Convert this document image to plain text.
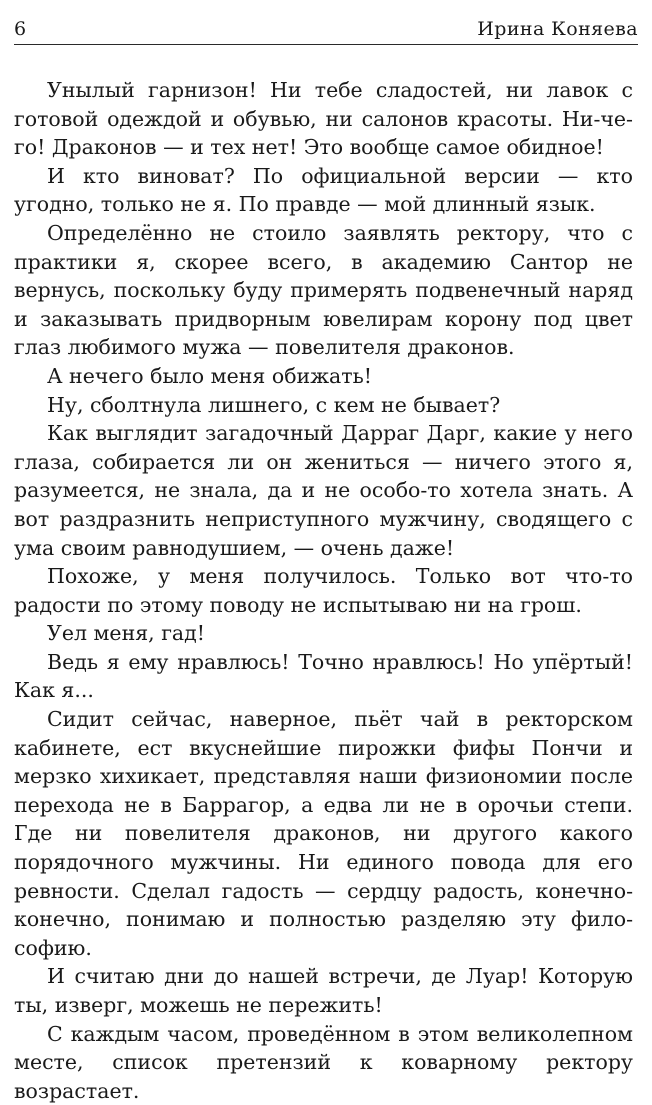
6	Ирина Коняева

Унылый гарнизон! Ни тебе сладостей, ни лавок с готовой одеждой и обувью, ни салонов красоты. Ни-че-го! Драконов — и тех нет! Это вообще самое обидное!

И кто виноват? По официальной версии — кто угодно, только не я. По правде — мой длинный язык.

Определённо не стоило заявлять ректору, что с практики я, скорее всего, в академию Сантор не вернусь, поскольку буду примерять подвенечный наряд и заказывать придворным ювелирам корону под цвет глаз любимого мужа — повелителя драконов.

А нечего было меня обижать!

Ну, сболтнула лишнего, с кем не бывает?

Как выглядит загадочный Дарраг Дарг, какие у него глаза, собирается ли он жениться — ничего этого я, разумеется, не знала, да и не особо-то хотела знать. А вот раздразнить неприступного мужчину, сводящего с ума своим равнодушием, — очень даже!

Похоже, у меня получилось. Только вот что-то радости по этому поводу не испытываю ни на грош.

Уел меня, гад!

Ведь я ему нравлюсь! Точно нравлюсь! Но упёртый! Как я...

Сидит сейчас, наверное, пьёт чай в ректорском кабинете, ест вкуснейшие пирожки фифы Пончи и мерзко хихикает, представляя наши физиономии после перехода не в Баррагор, а едва ли не в орочьи степи. Где ни повелителя драконов, ни другого какого порядочного мужчины. Ни единого повода для его ревности. Сделал гадость — сердцу радость, конечно-конечно, понимаю и полностью разделяю эту философию.

И считаю дни до нашей встречи, де Луар! Которую ты, изверг, можешь не пережить!

С каждым часом, проведённом в этом великолепном месте, список претензий к коварному ректору возрастает.
